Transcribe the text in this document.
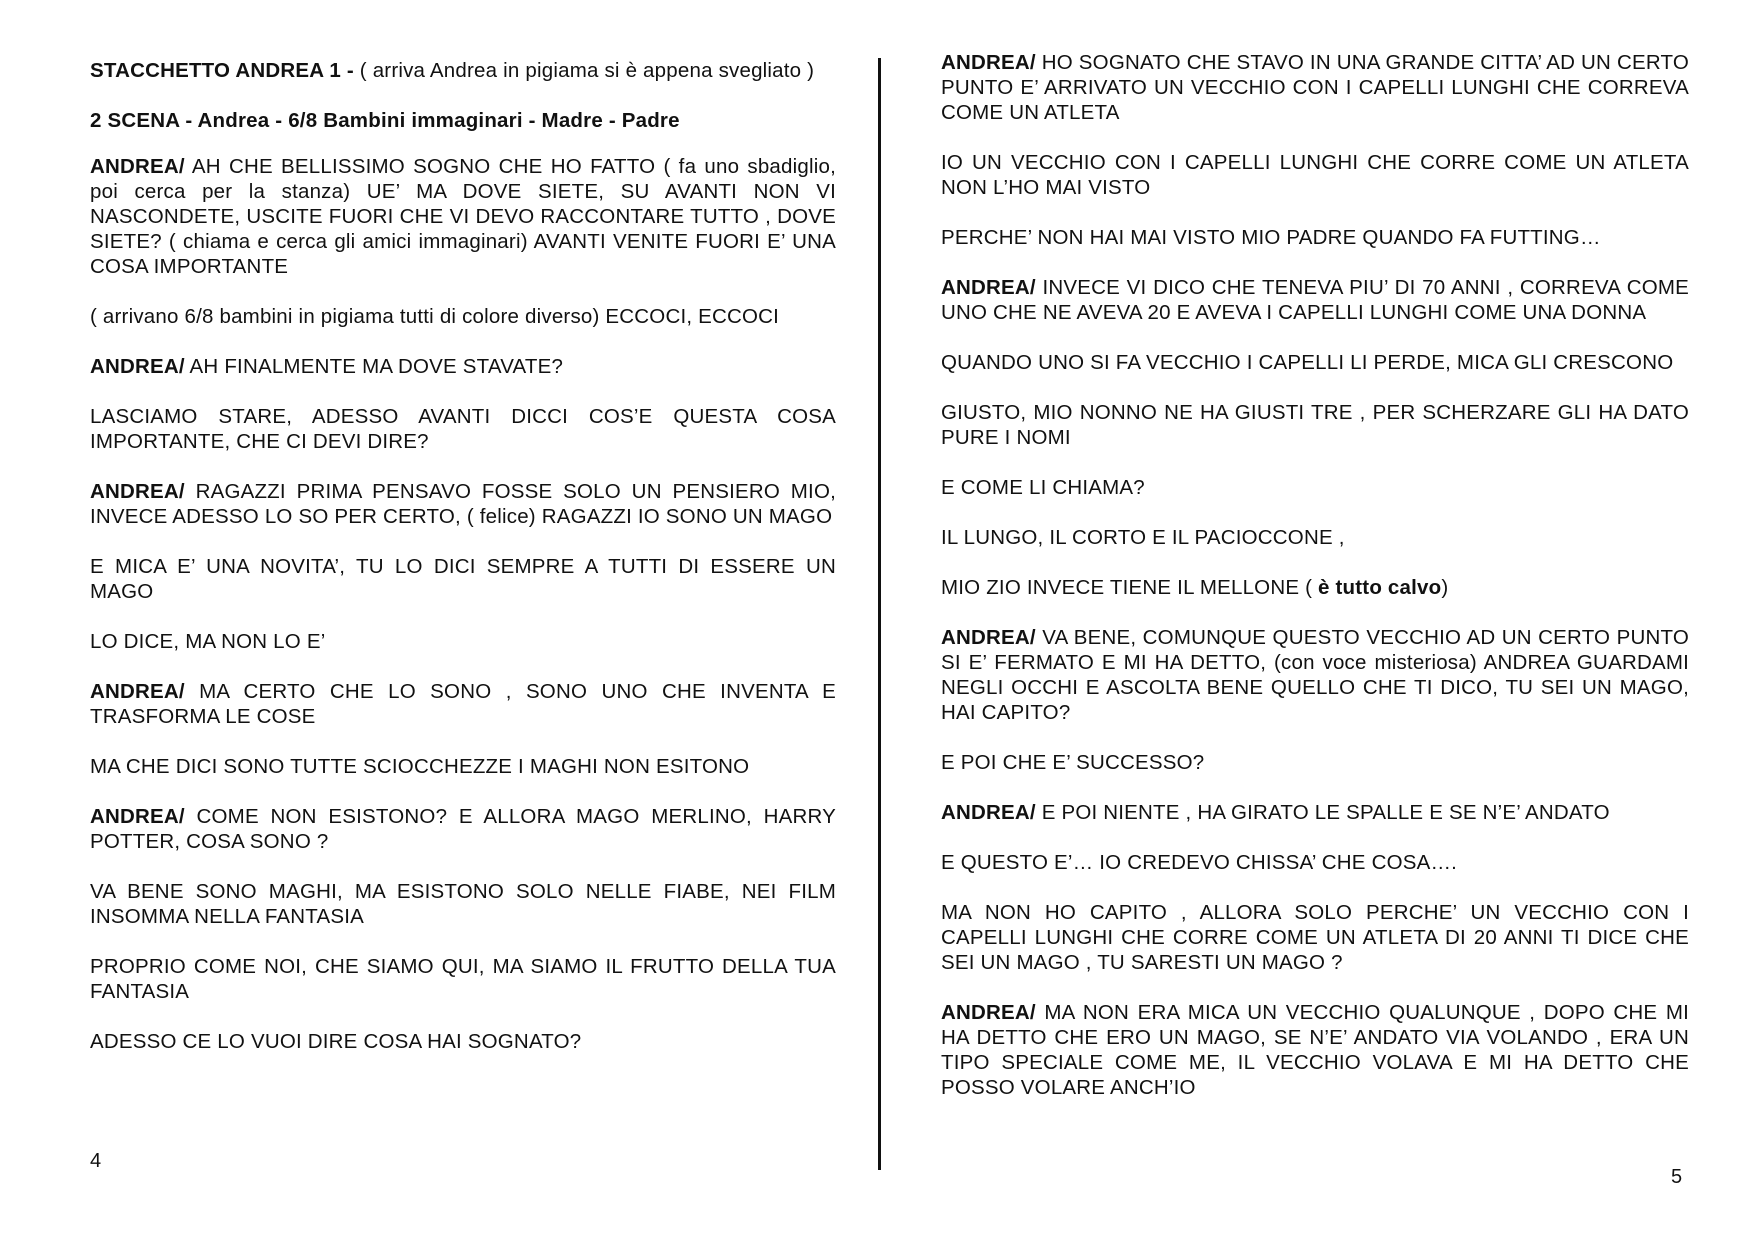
STACCHETTO ANDREA 1 - ( arriva Andrea in pigiama si è appena svegliato )

2 SCENA - Andrea - 6/8 Bambini immaginari - Madre - Padre

ANDREA/ AH CHE BELLISSIMO SOGNO CHE HO FATTO ( fa uno sbadiglio, poi cerca per la stanza) UE’ MA DOVE SIETE, SU AVANTI NON VI NASCONDETE, USCITE FUORI CHE VI DEVO RACCONTARE TUTTO , DOVE SIETE? ( chiama e cerca gli amici immaginari) AVANTI VENITE FUORI E’ UNA COSA IMPORTANTE

( arrivano 6/8 bambini in pigiama tutti di colore diverso) ECCOCI, ECCOCI

ANDREA/ AH FINALMENTE MA DOVE STAVATE?

LASCIAMO STARE, ADESSO AVANTI DICCI COS’E QUESTA COSA IMPORTANTE, CHE CI DEVI DIRE?

ANDREA/ RAGAZZI PRIMA PENSAVO FOSSE SOLO UN PENSIERO MIO, INVECE ADESSO LO SO PER CERTO, ( felice) RAGAZZI IO SONO UN MAGO

E MICA E’ UNA NOVITA’, TU LO DICI SEMPRE A TUTTI DI ESSERE UN MAGO

LO DICE, MA NON LO E’

ANDREA/ MA CERTO CHE LO SONO , SONO UNO CHE INVENTA E TRASFORMA LE COSE

MA CHE DICI SONO TUTTE SCIOCCHEZZE I MAGHI NON ESITONO

ANDREA/ COME NON ESISTONO? E ALLORA MAGO MERLINO, HARRY POTTER, COSA SONO ?

VA BENE SONO MAGHI, MA ESISTONO SOLO NELLE FIABE, NEI FILM INSOMMA NELLA FANTASIA

PROPRIO COME NOI, CHE SIAMO QUI, MA SIAMO IL FRUTTO DELLA TUA FANTASIA

ADESSO CE LO VUOI DIRE COSA HAI SOGNATO?

ANDREA/ HO SOGNATO CHE STAVO IN UNA GRANDE CITTA’ AD UN CERTO PUNTO E’ ARRIVATO UN VECCHIO CON I CAPELLI LUNGHI CHE CORREVA COME UN ATLETA

IO UN VECCHIO CON I CAPELLI LUNGHI CHE CORRE COME UN ATLETA NON L’HO MAI VISTO

PERCHE’ NON HAI MAI VISTO MIO PADRE QUANDO FA FUTTING…

ANDREA/ INVECE VI DICO CHE TENEVA PIU’ DI 70 ANNI , CORREVA COME UNO CHE NE AVEVA 20 E AVEVA I CAPELLI LUNGHI COME UNA DONNA

QUANDO UNO SI FA VECCHIO I CAPELLI LI PERDE, MICA GLI CRESCONO

GIUSTO, MIO NONNO NE HA GIUSTI TRE , PER SCHERZARE GLI HA DATO PURE I NOMI

E COME LI CHIAMA?

IL LUNGO, IL CORTO E IL PACIOCCONE ,

MIO ZIO INVECE TIENE IL MELLONE ( è tutto calvo)

ANDREA/ VA BENE, COMUNQUE QUESTO VECCHIO AD UN CERTO PUNTO SI E’ FERMATO E MI HA DETTO, (con voce misteriosa) ANDREA GUARDAMI NEGLI OCCHI E ASCOLTA BENE QUELLO CHE TI DICO, TU SEI UN MAGO, HAI CAPITO?

E POI CHE E’ SUCCESSO?

ANDREA/ E POI NIENTE , HA GIRATO LE SPALLE E SE N’E’ ANDATO

E QUESTO E’… IO CREDEVO CHISSA’ CHE COSA….

MA NON HO CAPITO , ALLORA SOLO PERCHE’ UN VECCHIO CON I CAPELLI LUNGHI CHE CORRE COME UN ATLETA DI 20 ANNI TI DICE CHE SEI UN MAGO , TU SARESTI UN MAGO ?

ANDREA/ MA NON ERA MICA UN VECCHIO QUALUNQUE , DOPO CHE MI HA DETTO CHE ERO UN MAGO, SE N’E’ ANDATO VIA VOLANDO , ERA UN TIPO SPECIALE COME ME, IL VECCHIO VOLAVA E MI HA DETTO CHE POSSO VOLARE ANCH’IO

4
5
